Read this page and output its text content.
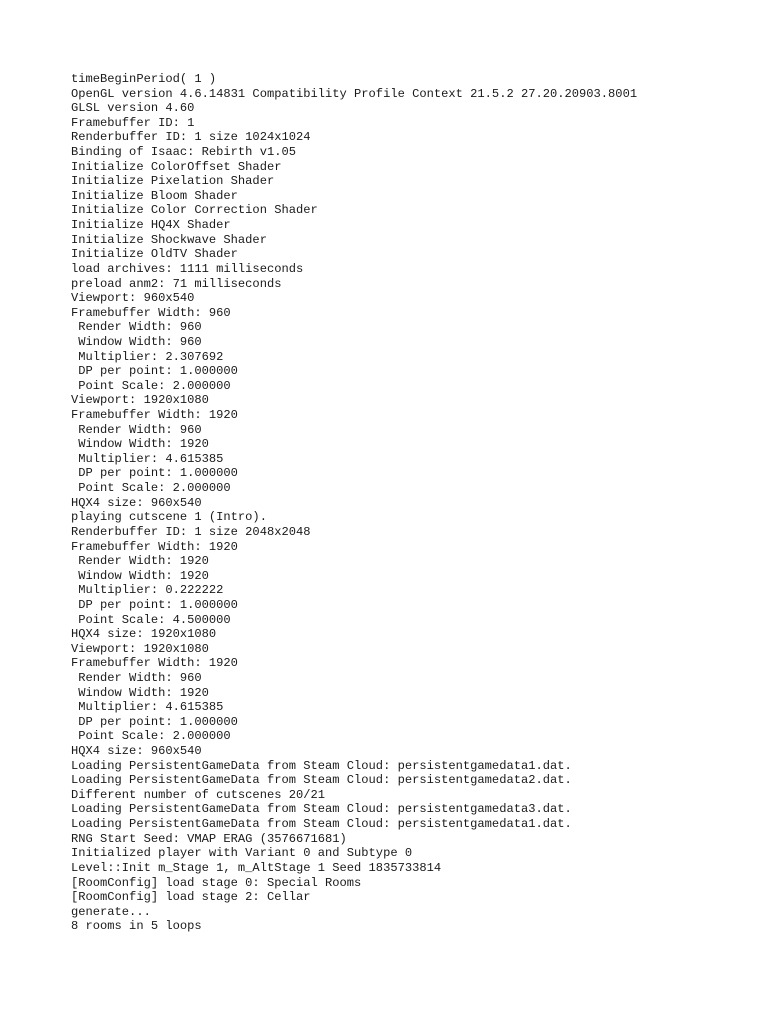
timeBeginPeriod( 1 )
OpenGL version 4.6.14831 Compatibility Profile Context 21.5.2 27.20.20903.8001
GLSL version 4.60
Framebuffer ID: 1
Renderbuffer ID: 1 size 1024x1024
Binding of Isaac: Rebirth v1.05
Initialize ColorOffset Shader
Initialize Pixelation Shader
Initialize Bloom Shader
Initialize Color Correction Shader
Initialize HQ4X Shader
Initialize Shockwave Shader
Initialize OldTV Shader
load archives: 1111 milliseconds
preload anm2: 71 milliseconds
Viewport: 960x540
Framebuffer Width: 960
Render Width: 960
Window Width: 960
Multiplier: 2.307692
DP per point: 1.000000
Point Scale: 2.000000
Viewport: 1920x1080
Framebuffer Width: 1920
Render Width: 960
Window Width: 1920
Multiplier: 4.615385
DP per point: 1.000000
Point Scale: 2.000000
HQX4 size: 960x540
playing cutscene 1 (Intro).
Renderbuffer ID: 1 size 2048x2048
Framebuffer Width: 1920
Render Width: 1920
Window Width: 1920
Multiplier: 0.222222
DP per point: 1.000000
Point Scale: 4.500000
HQX4 size: 1920x1080
Viewport: 1920x1080
Framebuffer Width: 1920
Render Width: 960
Window Width: 1920
Multiplier: 4.615385
DP per point: 1.000000
Point Scale: 2.000000
HQX4 size: 960x540
Loading PersistentGameData from Steam Cloud: persistentgamedata1.dat.
Loading PersistentGameData from Steam Cloud: persistentgamedata2.dat.
Different number of cutscenes 20/21
Loading PersistentGameData from Steam Cloud: persistentgamedata3.dat.
Loading PersistentGameData from Steam Cloud: persistentgamedata1.dat.
RNG Start Seed: VMAP ERAG (3576671681)
Initialized player with Variant 0 and Subtype 0
Level::Init m_Stage 1, m_AltStage 1 Seed 1835733814
[RoomConfig] load stage 0: Special Rooms
[RoomConfig] load stage 2: Cellar
generate...
8 rooms in 5 loops
